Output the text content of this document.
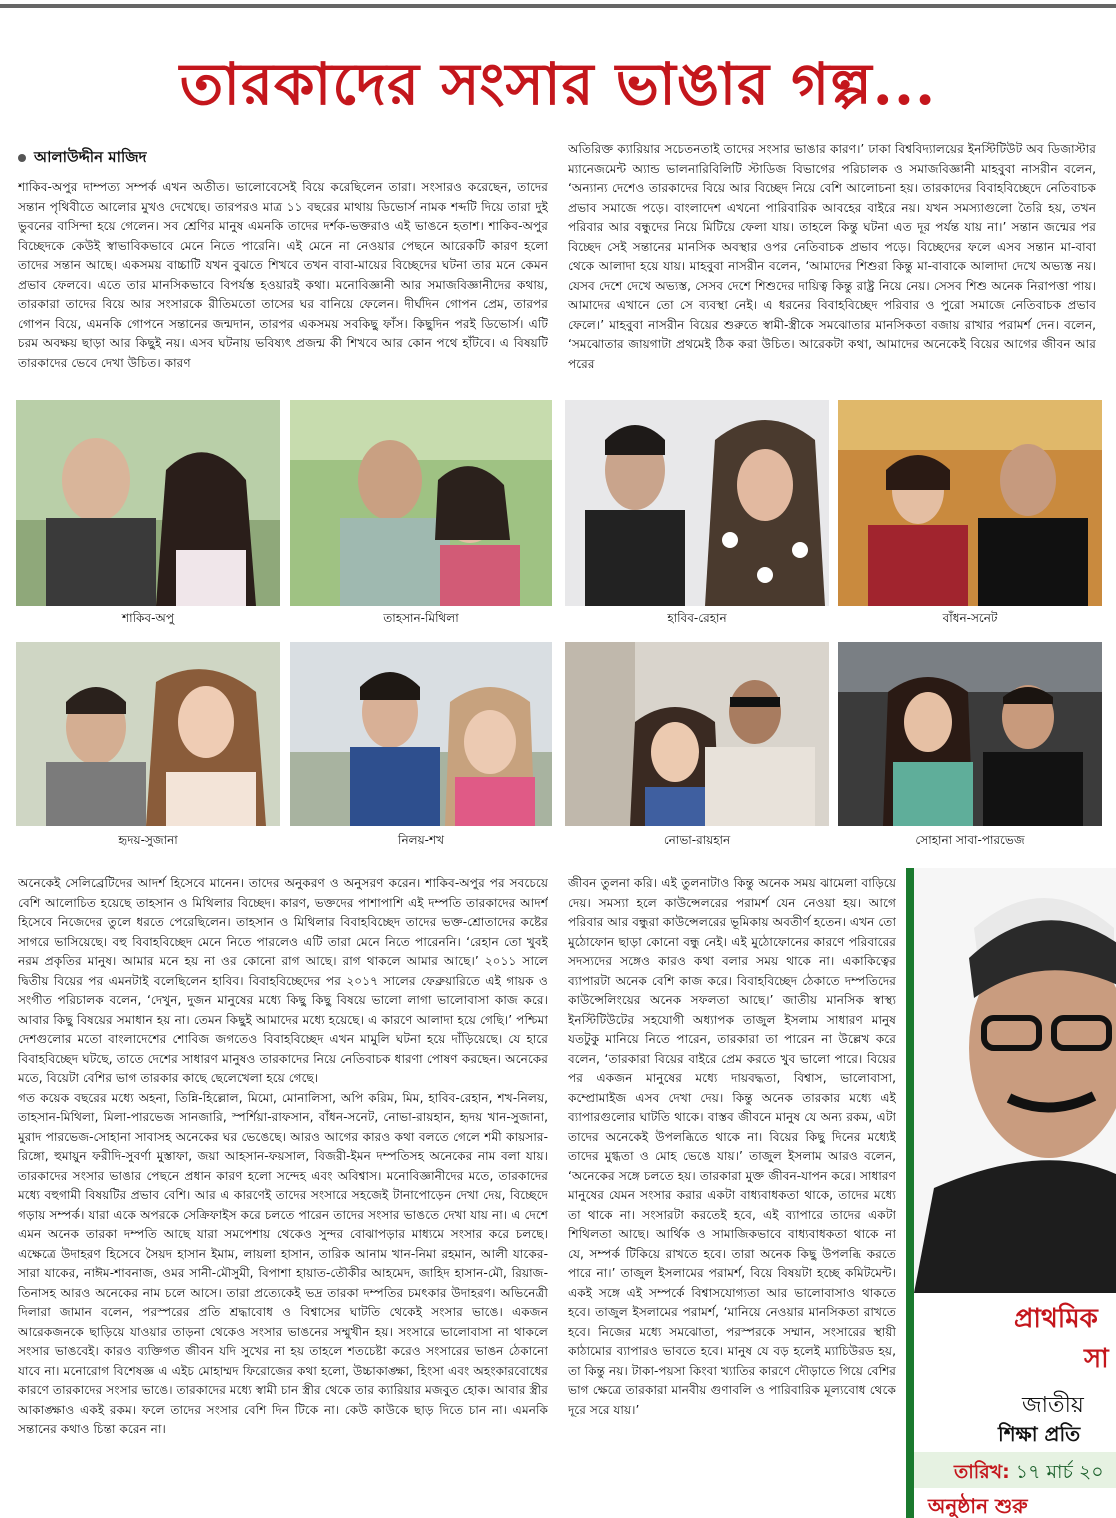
তারকাদের সংসার ভাঙার গল্প...
আলাউদ্দীন মাজিদ

শাকিব-অপুর দাম্পত্য সম্পর্ক এখন অতীত। ভালোবেসেই বিয়ে করেছিলেন তারা। সংসারও করেছেন, তাদের সন্তান পৃথিবীতে আলোর মুখও দেখেছে। তারপরও মাত্র ১১ বছরের মাথায় ডিভোর্স নামক শব্দটি দিয়ে তারা দুই ভুবনের বাসিন্দা হয়ে গেলেন। সব শ্রেণির মানুষ এমনকি তাদের দর্শক-ভক্তরাও এই ভাঙনে হতাশ। শাকিব-অপুর বিচ্ছেদকে কেউই স্বাভাবিকভাবে মেনে নিতে পারেনি। এই মেনে না নেওয়ার পেছনে আরেকটি কারণ হলো তাদের সন্তান আছে। একসময় বাচ্চাটি যখন বুঝতে শিখবে তখন বাবা-মায়ের বিচ্ছেদের ঘটনা তার মনে কেমন প্রভাব ফেলবে। এতে তার মানসিকভাবে বিপর্যস্ত হওয়ারই কথা। মনোবিজ্ঞানী আর সমাজবিজ্ঞানীদের কথায়, তারকারা তাদের বিয়ে আর সংসারকে রীতিমতো তাসের ঘর বানিয়ে ফেলেন। দীর্ঘদিন গোপন প্রেম, তারপর গোপন বিয়ে, এমনকি গোপনে সন্তানের জন্মদান, তারপর একসময় সবকিছু ফাঁস। কিছুদিন পরই ডিভোর্স। এটি চরম অবক্ষয় ছাড়া আর কিছুই নয়। এসব ঘটনায় ভবিষ্যৎ প্রজন্ম কী শিখবে আর কোন পথে হাঁটবে। এ বিষয়টি তারকাদের ভেবে দেখা উচিত। কারণ

অতিরিক্ত ক্যারিয়ার সচেতনতাই তাদের সংসার ভাঙার কারণ।’ ঢাকা বিশ্ববিদ্যালয়ের ইনস্টিটিউট অব ডিজাস্টার ম্যানেজমেন্ট অ্যান্ড ভালনারিবিলিটি স্টাডিজ বিভাগের পরিচালক ও সমাজবিজ্ঞানী মাহবুবা নাসরীন বলেন, ‘অন্যান্য দেশেও তারকাদের বিয়ে আর বিচ্ছেদ নিয়ে বেশি আলোচনা হয়। তারকাদের বিবাহবিচ্ছেদে নেতিবাচক প্রভাব সমাজে পড়ে। বাংলাদেশ এখনো পারিবারিক আবহের বাইরে নয়। যখন সমস্যাগুলো তৈরি হয়, তখন পরিবার আর বন্ধুদের নিয়ে মিটিয়ে ফেলা যায়। তাহলে কিন্তু ঘটনা এত দূর পর্যন্ত যায় না।’ সন্তান জন্মের পর বিচ্ছেদ সেই সন্তানের মানসিক অবস্থার ওপর নেতিবাচক প্রভাব পড়ে। বিচ্ছেদের ফলে এসব সন্তান মা-বাবা থেকে আলাদা হয়ে যায়। মাহবুবা নাসরীন বলেন, ‘আমাদের শিশুরা কিন্তু মা-বাবাকে আলাদা দেখে অভ্যস্ত নয়। যেসব দেশে দেখে অভ্যস্ত, সেসব দেশে শিশুদের দায়িত্ব কিন্তু রাষ্ট্র নিয়ে নেয়। সেসব শিশু অনেক নিরাপত্তা পায়। আমাদের এখানে তো সে ব্যবস্থা নেই। এ ধরনের বিবাহবিচ্ছেদ পরিবার ও পুরো সমাজে নেতিবাচক প্রভাব ফেলে।’ মাহবুবা নাসরীন বিয়ের শুরুতে স্বামী-স্ত্রীকে সমঝোতার মানসিকতা বজায় রাখার পরামর্শ দেন। বলেন, ‘সমঝোতার জায়গাটা প্রথমেই ঠিক করা উচিত। আরেকটা কথা, আমাদের অনেকেই বিয়ের আগের জীবন আর পরের

শাকিব-অপু	তাহসান-মিথিলা	হাবিব-রেহান	বাঁধন-সনেট
হৃদয়-সুজানা	নিলয়-শখ	নোভা-রায়হান	সোহানা সাবা-পারভেজ

অনেকেই সেলিব্রেটিদের আদর্শ হিসেবে মানেন। তাদের অনুকরণ ও অনুসরণ করেন। শাকিব-অপুর পর সবচেয়ে বেশি আলোচিত হয়েছে তাহসান ও মিথিলার বিচ্ছেদ। কারণ, ভক্তদের পাশাপাশি এই দম্পতি তারকাদের আদর্শ হিসেবে নিজেদের তুলে ধরতে পেরেছিলেন। তাহসান ও মিথিলার বিবাহবিচ্ছেদ তাদের ভক্ত-শ্রোতাদের কষ্টের সাগরে ভাসিয়েছে। বহু বিবাহবিচ্ছেদ মেনে নিতে পারলেও এটি তারা মেনে নিতে পারেননি। ‘রেহান তো খুবই নরম প্রকৃতির মানুষ। আমার মনে হয় না ওর কোনো রাগ আছে। রাগ থাকলে আমার আছে।’ ২০১১ সালে দ্বিতীয় বিয়ের পর এমনটাই বলেছিলেন হাবিব। বিবাহবিচ্ছেদের পর ২০১৭ সালের ফেব্রুয়ারিতে এই গায়ক ও সংগীত পরিচালক বলেন, ‘দেখুন, দুজন মানুষের মধ্যে কিছু কিছু বিষয়ে ভালো লাগা ভালোবাসা কাজ করে। আবার কিছু বিষয়ের সমাধান হয় না। তেমন কিছুই আমাদের মধ্যে হয়েছে। এ কারণে আলাদা হয়ে গেছি।’ পশ্চিমা দেশগুলোর মতো বাংলাদেশের শোবিজ জগতেও বিবাহবিচ্ছেদ এখন মামুলি ঘটনা হয়ে দাঁড়িয়েছে। যে হারে বিবাহবিচ্ছেদ ঘটছে, তাতে দেশের সাধারণ মানুষও তারকাদের নিয়ে নেতিবাচক ধারণা পোষণ করছেন। অনেকের মতে, বিয়েটা বেশির ভাগ তারকার কাছে ছেলেখেলা হয়ে গেছে।

গত কয়েক বছরের মধ্যে অহনা, তিন্নি-হিল্লোল, মিমো, মোনালিসা, অপি করিম, মিম, হাবিব-রেহান, শখ-নিলয়, তাহসান-মিথিলা, মিলা-পারভেজ সানজারি, স্পর্শিয়া-রাফসান, বাঁধন-সনেট, নোভা-রায়হান, হৃদয় খান-সুজানা, মুরাদ পারভেজ-সোহানা সাবাসহ অনেকের ঘর ভেঙেছে। আরও আগের কারও কথা বলতে গেলে শমী কায়সার-রিঙ্গো, হুমায়ুন ফরীদি-সুবর্ণা মুস্তাফা, জয়া আহসান-ফয়সাল, বিজরী-ইমন দম্পতিসহ অনেকের নাম বলা যায়। তারকাদের সংসার ভাঙার পেছনে প্রধান কারণ হলো সন্দেহ এবং অবিশ্বাস। মনোবিজ্ঞানীদের মতে, তারকাদের মধ্যে বহুগামী বিষয়টির প্রভাব বেশি। আর এ কারণেই তাদের সংসারে সহজেই টানাপোড়েন দেখা দেয়, বিচ্ছেদে গড়ায় সম্পর্ক। যারা একে অপরকে সেক্রিফাইস করে চলতে পারেন তাদের সংসার ভাঙতে দেখা যায় না। এ দেশে এমন অনেক তারকা দম্পতি আছে যারা সমপেশায় থেকেও সুন্দর বোঝাপড়ার মাধ্যমে সংসার করে চলছে। এক্ষেত্রে উদাহরণ হিসেবে সৈয়দ হাসান ইমাম, লায়লা হাসান, তারিক আনাম খান-নিমা রহমান, আলী যাকের-সারা যাকের, নাঈম-শাবনাজ, ওমর সানী-মৌসুমী, বিপাশা হায়াত-তৌকীর আহমেদ, জাহিদ হাসান-মৌ, রিয়াজ-তিনাসহ আরও অনেকের নাম চলে আসে। তারা প্রত্যেকেই ভদ্র তারকা দম্পতির চমৎকার উদাহরণ। অভিনেত্রী দিলারা জামান বলেন, পরস্পরের প্রতি শ্রদ্ধাবোধ ও বিশ্বাসের ঘাটতি থেকেই সংসার ভাঙে। একজন আরেকজনকে ছাড়িয়ে যাওয়ার তাড়না থেকেও সংসার ভাঙনের সম্মুখীন হয়। সংসারে ভালোবাসা না থাকলে সংসার ভাঙবেই। কারও ব্যক্তিগত জীবন যদি সুখের না হয় তাহলে শতচেষ্টা করেও সংসারের ভাঙন ঠেকানো যাবে না। মনোরোগ বিশেষজ্ঞ এ এইচ মোহাম্মদ ফিরোজের কথা হলো, উচ্চাকাঙ্ক্ষা, হিংসা এবং অহংকারবোধের কারণে তারকাদের সংসার ভাঙে। তারকাদের মধ্যে স্বামী চান স্ত্রীর থেকে তার ক্যারিয়ার মজবুত হোক। আবার স্ত্রীর আকাঙ্ক্ষাও একই রকম। ফলে তাদের সংসার বেশি দিন টিকে না। কেউ কাউকে ছাড় দিতে চান না। এমনকি সন্তানের কথাও চিন্তা করেন না।

জীবন তুলনা করি। এই তুলনাটাও কিন্তু অনেক সময় ঝামেলা বাড়িয়ে দেয়। সমস্যা হলে কাউন্সেলরের পরামর্শ যেন নেওয়া হয়। আগে পরিবার আর বন্ধুরা কাউন্সেলরের ভূমিকায় অবতীর্ণ হতেন। এখন তো মুঠোফোন ছাড়া কোনো বন্ধু নেই। এই মুঠোফোনের কারণে পরিবারের সদস্যদের সঙ্গেও কারও কথা বলার সময় থাকে না। একাকিত্বের ব্যাপারটা অনেক বেশি কাজ করে। বিবাহবিচ্ছেদ ঠেকাতে দম্পতিদের কাউন্সেলিংয়ের অনেক সফলতা আছে।’ জাতীয় মানসিক স্বাস্থ্য ইনস্টিটিউটের সহযোগী অধ্যাপক তাজুল ইসলাম সাধারণ মানুষ যতটুকু মানিয়ে নিতে পারেন, তারকারা তা পারেন না উল্লেখ করে বলেন, ‘তারকারা বিয়ের বাইরে প্রেম করতে খুব ভালো পারে। বিয়ের পর একজন মানুষের মধ্যে দায়বদ্ধতা, বিশ্বাস, ভালোবাসা, কম্প্রোমাইজ এসব দেখা দেয়। কিন্তু অনেক তারকার মধ্যে এই ব্যাপারগুলোর ঘাটতি থাকে। বাস্তব জীবনে মানুষ যে অন্য রকম, এটা তাদের অনেকেই উপলব্ধিতে থাকে না। বিয়ের কিছু দিনের মধ্যেই তাদের মুগ্ধতা ও মোহ ভেঙে যায়।’ তাজুল ইসলাম আরও বলেন, ‘অনেকের সঙ্গে চলতে হয়। তারকারা মুক্ত জীবন-যাপন করে। সাধারণ মানুষের যেমন সংসার করার একটা বাধ্যবাধকতা থাকে, তাদের মধ্যে তা থাকে না। সংসারটা করতেই হবে, এই ব্যাপারে তাদের একটা শিথিলতা আছে। আর্থিক ও সামাজিকভাবে বাধ্যবাধকতা থাকে না যে, সম্পর্ক টিকিয়ে রাখতে হবে। তারা অনেক কিছু উপলব্ধি করতে পারে না।’ তাজুল ইসলামের পরামর্শ, বিয়ে বিষয়টা হচ্ছে কমিটমেন্ট। একই সঙ্গে এই সম্পর্কে বিশ্বাসযোগ্যতা আর ভালোবাসাও থাকতে হবে। তাজুল ইসলামের পরামর্শ, ‘মানিয়ে নেওয়ার মানসিকতা রাখতে হবে। নিজের মধ্যে সমঝোতা, পরস্পরকে সম্মান, সংসারের স্থায়ী কাঠামোর ব্যাপারও ভাবতে হবে। মানুষ যে বড় হলেই ম্যাচিউরড হয়, তা কিন্তু নয়। টাকা-পয়সা কিংবা খ্যাতির কারণে দৌড়াতে গিয়ে বেশির ভাগ ক্ষেত্রে তারকারা মানবীয় গুণাবলি ও পারিবারিক মূল্যবোধ থেকে দূরে সরে যায়।’

প্রাথমিক
সা
জাতীয়
শিক্ষা প্রতি
তারিখ: ১৭ মার্চ ২০
অনুষ্ঠান শুরু
